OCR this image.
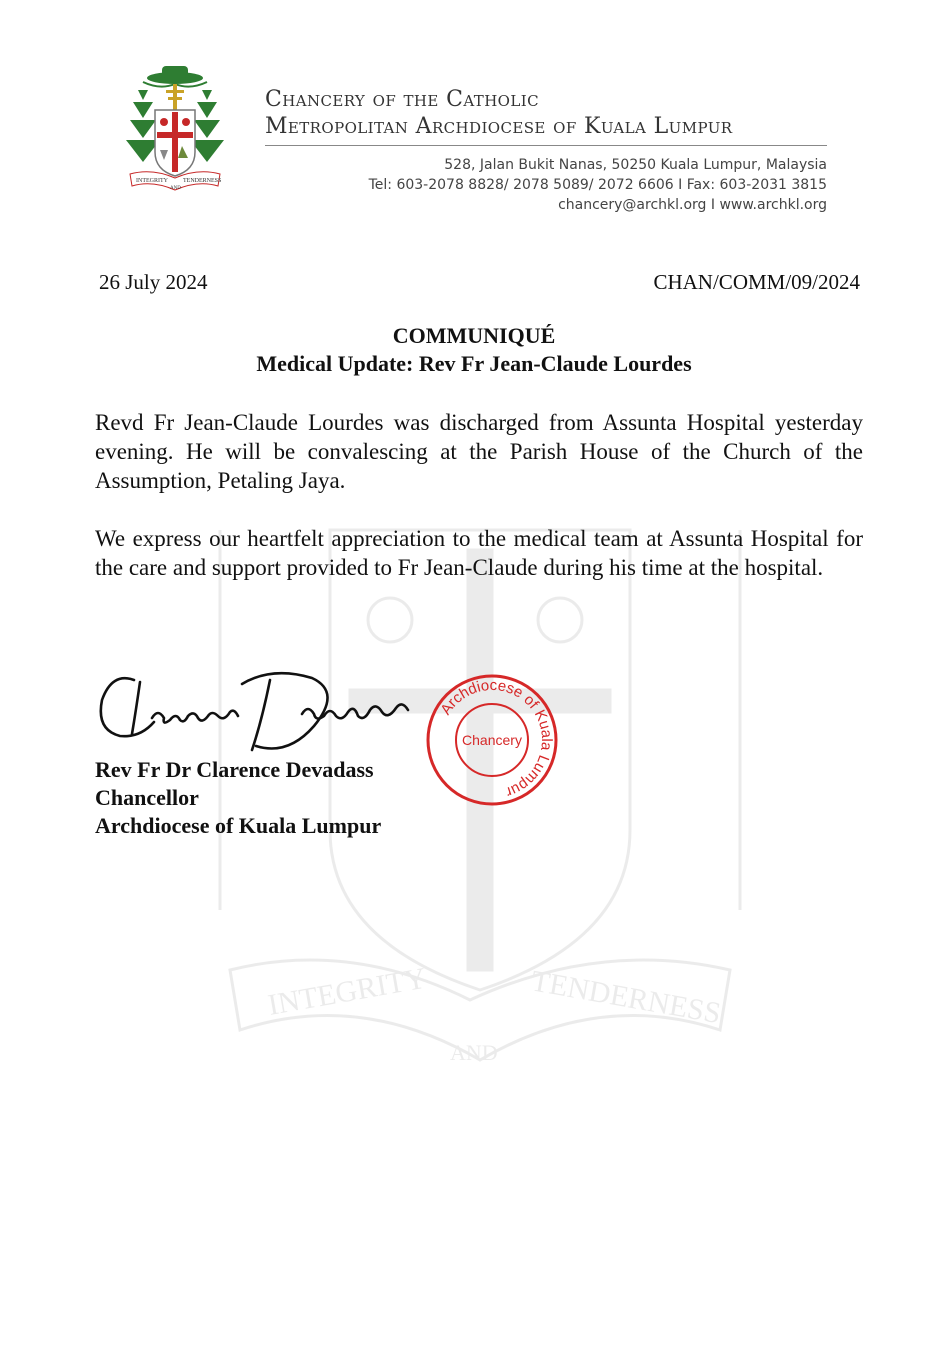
INTEGRITY
AND
TENDERNESS
INTEGRITY
AND
TENDERNESS
Chancery of the Catholic
Metropolitan Archdiocese of Kuala Lumpur
528, Jalan Bukit Nanas, 50250 Kuala Lumpur, Malaysia
Tel: 603-2078 8828/ 2078 5089/ 2072 6606 I Fax: 603-2031 3815
chancery@archkl.org I www.archkl.org
26 July 2024	CHAN/COMM/09/2024
COMMUNIQUÉ
Medical Update: Rev Fr Jean-Claude Lourdes
Revd Fr Jean-Claude Lourdes was discharged from Assunta Hospital yesterday evening. He will be convalescing at the Parish House of the Church of the Assumption, Petaling Jaya.
We express our heartfelt appreciation to the medical team at Assunta Hospital for the care and support provided to Fr Jean-Claude during his time at the hospital.
Archdiocese of Kuala Lumpur
Chancery
Rev Fr Dr Clarence Devadass
Chancellor
Archdiocese of Kuala Lumpur
